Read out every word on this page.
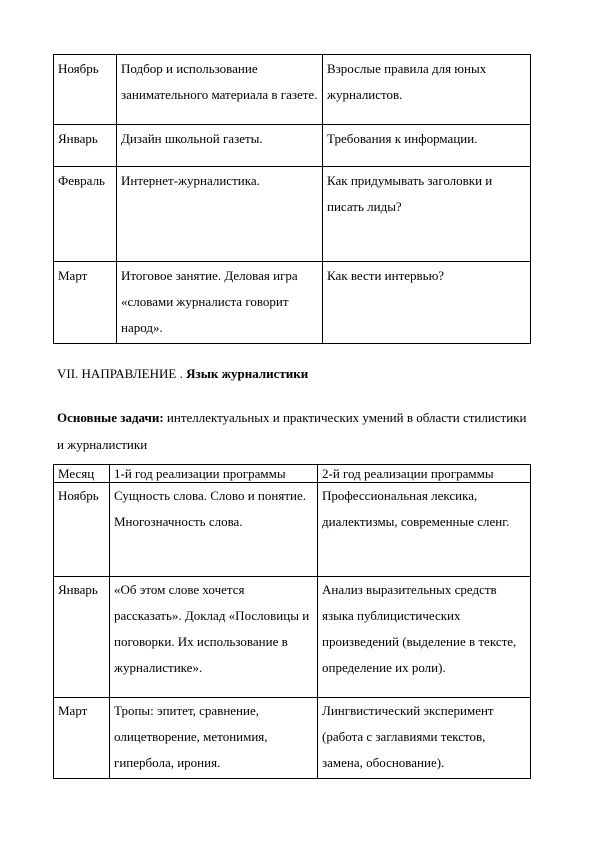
Ноябрь	Подбор и использование занимательного материала в газете.	Взрослые правила для юных журналистов.
Январь	Дизайн школьной газеты.	Требования к информации.
Февраль	Интернет-журналистика.	Как придумывать заголовки и писать лиды?
Март	Итоговое занятие. Деловая игра «словами журналиста говорит народ».	Как вести интервью?
VII. НАПРАВЛЕНИЕ . Язык журналистики
Основные задачи: интеллектуальных и практических умений в области стилистики и журналистики
Месяц	1-й год реализации программы	2-й год реализации программы
Ноябрь	Сущность слова. Слово и понятие. Многозначность слова.	Профессиональная лексика, диалектизмы, современные сленг.
Январь	«Об этом слове хочется рассказать». Доклад «Пословицы и поговорки. Их использование в журналистике».	Анализ выразительных средств языка публицистических произведений (выделение в тексте, определение их роли).
Март	Тропы: эпитет, сравнение, олицетворение, метонимия, гипербола, ирония.	Лингвистический эксперимент (работа с заглавиями текстов, замена, обоснование).
